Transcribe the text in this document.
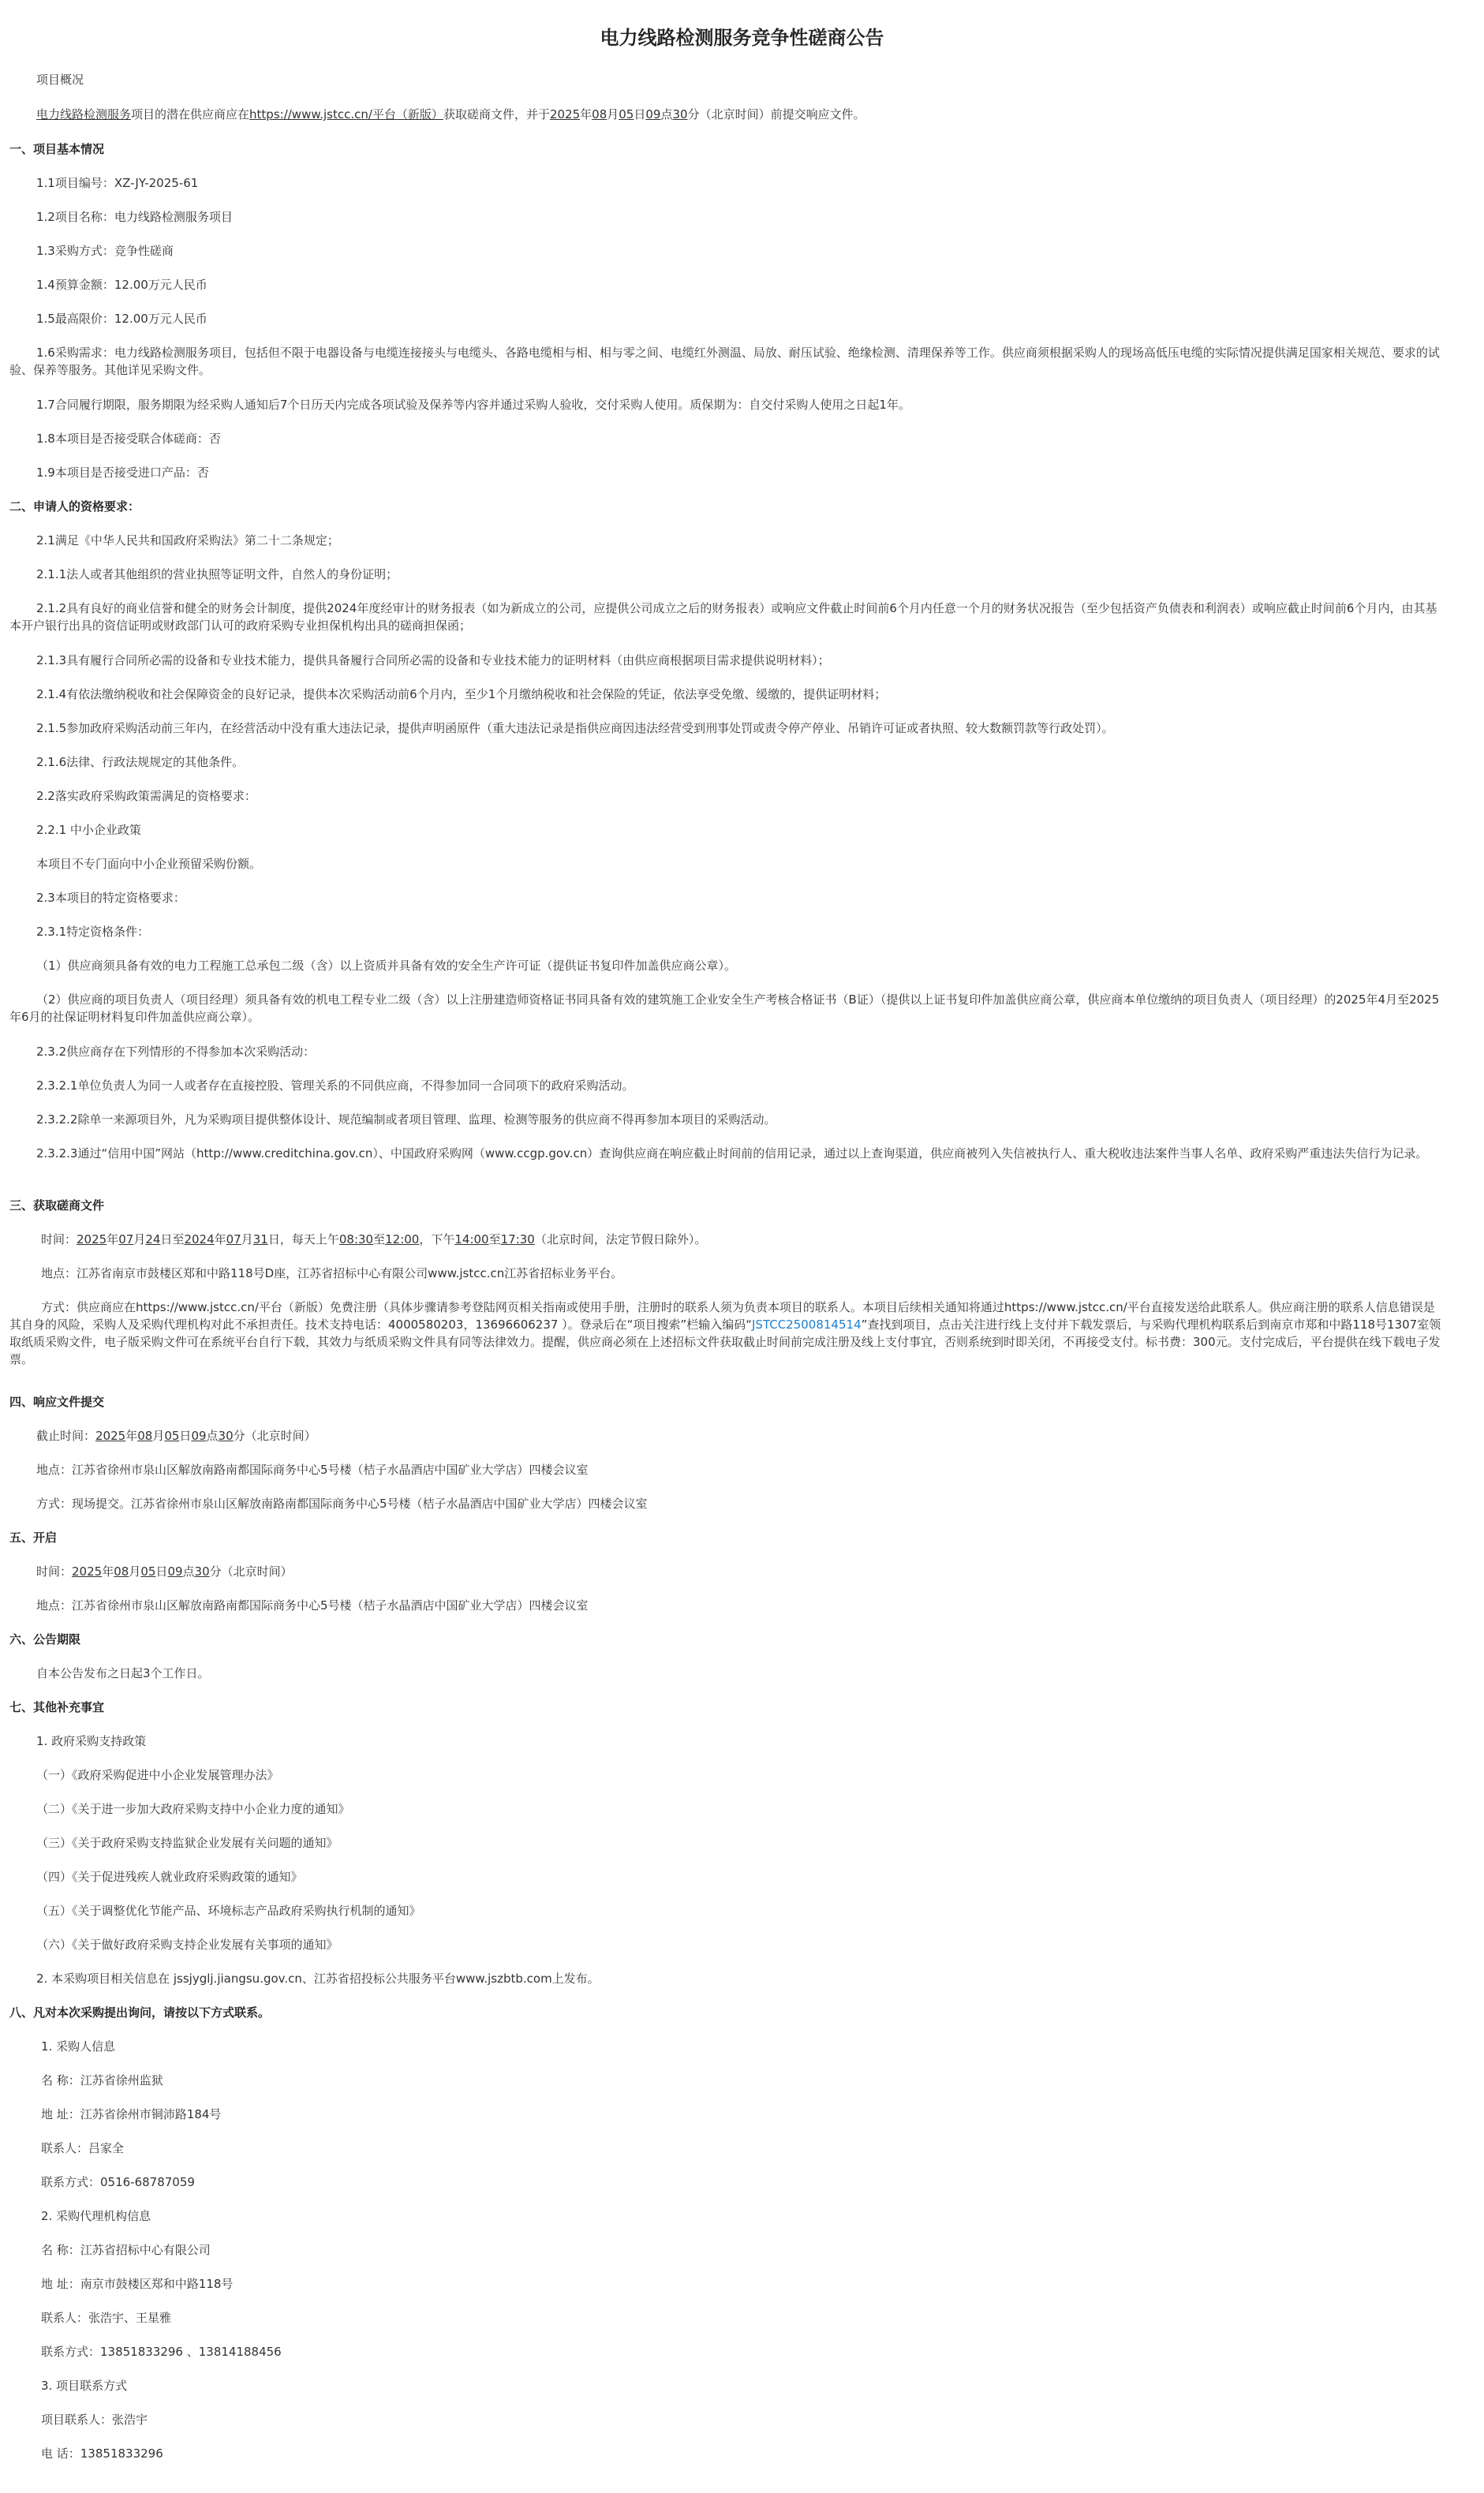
电力线路检测服务竞争性磋商公告

项目概况

电力线路检测服务项目的潜在供应商应在https://www.jstcc.cn/平台（新版）获取磋商文件，并于2025年08月05日09点30分（北京时间）前提交响应文件。

一、项目基本情况

1.1项目编号：XZ-JY-2025-61

1.2项目名称：电力线路检测服务项目

1.3采购方式：竞争性磋商

1.4预算金额：12.00万元人民币

1.5最高限价：12.00万元人民币

1.6采购需求：电力线路检测服务项目，包括但不限于电器设备与电缆连接接头与电缆头、各路电缆相与相、相与零之间、电缆红外测温、局放、耐压试验、绝缘检测、清理保养等工作。供应商须根据采购人的现场高低压电缆的实际情况提供满足国家相关规范、要求的试验、保养等服务。其他详见采购文件。

1.7合同履行期限，服务期限为经采购人通知后7个日历天内完成各项试验及保养等内容并通过采购人验收，交付采购人使用。质保期为：自交付采购人使用之日起1年。

1.8本项目是否接受联合体磋商：否

1.9本项目是否接受进口产品：否

二、申请人的资格要求：

2.1满足《中华人民共和国政府采购法》第二十二条规定；

2.1.1法人或者其他组织的营业执照等证明文件，自然人的身份证明；

2.1.2具有良好的商业信誉和健全的财务会计制度，提供2024年度经审计的财务报表（如为新成立的公司，应提供公司成立之后的财务报表）或响应文件截止时间前6个月内任意一个月的财务状况报告（至少包括资产负债表和利润表）或响应截止时间前6个月内，由其基本开户银行出具的资信证明或财政部门认可的政府采购专业担保机构出具的磋商担保函；

2.1.3具有履行合同所必需的设备和专业技术能力，提供具备履行合同所必需的设备和专业技术能力的证明材料（由供应商根据项目需求提供说明材料）；

2.1.4有依法缴纳税收和社会保障资金的良好记录，提供本次采购活动前6个月内，至少1个月缴纳税收和社会保险的凭证，依法享受免缴、缓缴的，提供证明材料；

2.1.5参加政府采购活动前三年内，在经营活动中没有重大违法记录，提供声明函原件（重大违法记录是指供应商因违法经营受到刑事处罚或责令停产停业、吊销许可证或者执照、较大数额罚款等行政处罚）。

2.1.6法律、行政法规规定的其他条件。

2.2落实政府采购政策需满足的资格要求：

2.2.1 中小企业政策

本项目不专门面向中小企业预留采购份额。

2.3本项目的特定资格要求：

2.3.1特定资格条件：

（1）供应商须具备有效的电力工程施工总承包二级（含）以上资质并具备有效的安全生产许可证（提供证书复印件加盖供应商公章）。

（2）供应商的项目负责人（项目经理）须具备有效的机电工程专业二级（含）以上注册建造师资格证书同具备有效的建筑施工企业安全生产考核合格证书（B证）（提供以上证书复印件加盖供应商公章，供应商本单位缴纳的项目负责人（项目经理）的2025年4月至2025年6月的社保证明材料复印件加盖供应商公章）。

2.3.2供应商存在下列情形的不得参加本次采购活动：

2.3.2.1单位负责人为同一人或者存在直接控股、管理关系的不同供应商，不得参加同一合同项下的政府采购活动。

2.3.2.2除单一来源项目外，凡为采购项目提供整体设计、规范编制或者项目管理、监理、检测等服务的供应商不得再参加本项目的采购活动。

2.3.2.3通过“信用中国”网站（http://www.creditchina.gov.cn）、中国政府采购网（www.ccgp.gov.cn）查询供应商在响应截止时间前的信用记录，通过以上查询渠道，供应商被列入失信被执行人、重大税收违法案件当事人名单、政府采购严重违法失信行为记录。

三、获取磋商文件

时间：2025年07月24日至2024年07月31日，每天上午08:30至12:00，下午14:00至17:30（北京时间，法定节假日除外）。

地点：江苏省南京市鼓楼区郑和中路118号D座，江苏省招标中心有限公司www.jstcc.cn江苏省招标业务平台。

方式：供应商应在https://www.jstcc.cn/平台（新版）免费注册（具体步骤请参考登陆网页相关指南或使用手册，注册时的联系人须为负责本项目的联系人。本项目后续相关通知将通过https://www.jstcc.cn/平台直接发送给此联系人。供应商注册的联系人信息错误是其自身的风险，采购人及采购代理机构对此不承担责任。技术支持电话：4000580203，13696606237 ）。登录后在“项目搜索”栏输入编码“JSTCC2500814514”查找到项目，点击关注进行线上支付并下载发票后，与采购代理机构联系后到南京市郑和中路118号1307室领取纸质采购文件，电子版采购文件可在系统平台自行下载，其效力与纸质采购文件具有同等法律效力。提醒，供应商必须在上述招标文件获取截止时间前完成注册及线上支付事宜，否则系统到时即关闭，不再接受支付。标书费：300元。支付完成后，平台提供在线下载电子发票。

四、响应文件提交

截止时间：2025年08月05日09点30分（北京时间）

地点：江苏省徐州市泉山区解放南路南都国际商务中心5号楼（桔子水晶酒店中国矿业大学店）四楼会议室

方式：现场提交。江苏省徐州市泉山区解放南路南都国际商务中心5号楼（桔子水晶酒店中国矿业大学店）四楼会议室

五、开启

时间：2025年08月05日09点30分（北京时间）

地点：江苏省徐州市泉山区解放南路南都国际商务中心5号楼（桔子水晶酒店中国矿业大学店）四楼会议室

六、公告期限

自本公告发布之日起3个工作日。

七、其他补充事宜

1. 政府采购支持政策

（一）《政府采购促进中小企业发展管理办法》

（二）《关于进一步加大政府采购支持中小企业力度的通知》

（三）《关于政府采购支持监狱企业发展有关问题的通知》

（四）《关于促进残疾人就业政府采购政策的通知》

（五）《关于调整优化节能产品、环境标志产品政府采购执行机制的通知》

（六）《关于做好政府采购支持企业发展有关事项的通知》

2. 本采购项目相关信息在 jssjyglj.jiangsu.gov.cn、江苏省招投标公共服务平台www.jszbtb.com上发布。

八、凡对本次采购提出询问，请按以下方式联系。

1. 采购人信息

名 称：江苏省徐州监狱

地 址：江苏省徐州市铜沛路184号

联系人：吕家全

联系方式：0516-68787059

2. 采购代理机构信息

名 称：江苏省招标中心有限公司

地 址：南京市鼓楼区郑和中路118号

联系人：张浩宇、王星雅

联系方式：13851833296 、13814188456

3. 项目联系方式

项目联系人：张浩宇

电 话：13851833296
